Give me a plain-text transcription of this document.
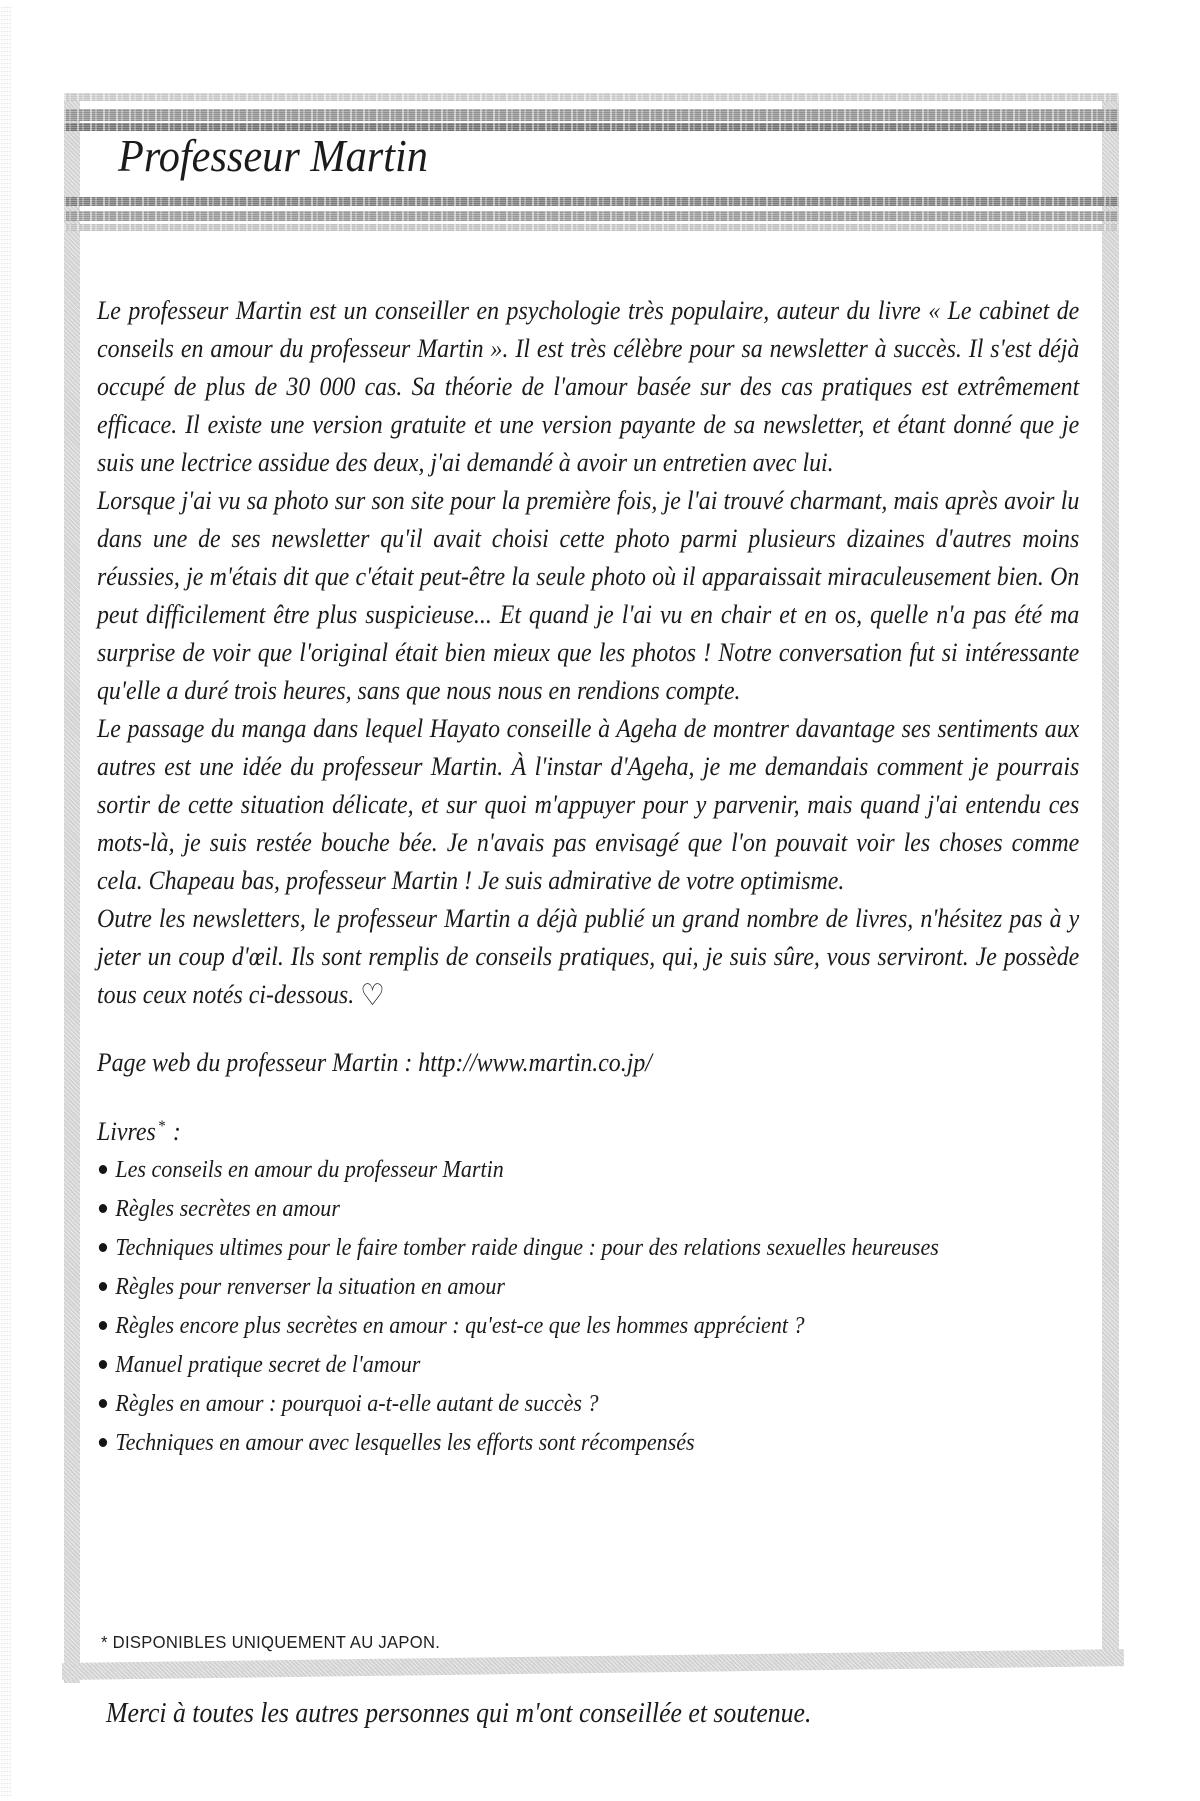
Professeur Martin

Le professeur Martin est un conseiller en psychologie très populaire, auteur du livre « Le cabinet de conseils en amour du professeur Martin ». Il est très célèbre pour sa newsletter à succès. Il s'est déjà occupé de plus de 30 000 cas. Sa théorie de l'amour basée sur des cas pratiques est extrêmement efficace. Il existe une version gratuite et une version payante de sa newsletter, et étant donné que je suis une lectrice assidue des deux, j'ai demandé à avoir un entretien avec lui.

Lorsque j'ai vu sa photo sur son site pour la première fois, je l'ai trouvé charmant, mais après avoir lu dans une de ses newsletter qu'il avait choisi cette photo parmi plusieurs dizaines d'autres moins réussies, je m'étais dit que c'était peut-être la seule photo où il apparaissait miraculeusement bien. On peut difficilement être plus suspicieuse... Et quand je l'ai vu en chair et en os, quelle n'a pas été ma surprise de voir que l'original était bien mieux que les photos ! Notre conversation fut si intéressante qu'elle a duré trois heures, sans que nous nous en rendions compte.

Le passage du manga dans lequel Hayato conseille à Ageha de montrer davantage ses sentiments aux autres est une idée du professeur Martin. À l'instar d'Ageha, je me demandais comment je pourrais sortir de cette situation délicate, et sur quoi m'appuyer pour y parvenir, mais quand j'ai entendu ces mots-là, je suis restée bouche bée. Je n'avais pas envisagé que l'on pouvait voir les choses comme cela. Chapeau bas, professeur Martin ! Je suis admirative de votre optimisme.

Outre les newsletters, le professeur Martin a déjà publié un grand nombre de livres, n'hésitez pas à y jeter un coup d'œil. Ils sont remplis de conseils pratiques, qui, je suis sûre, vous serviront. Je possède tous ceux notés ci-dessous. ♡

Page web du professeur Martin : http://www.martin.co.jp/

Livres * :
Les conseils en amour du professeur Martin
Règles secrètes en amour
Techniques ultimes pour le faire tomber raide dingue : pour des relations sexuelles heureuses
Règles pour renverser la situation en amour
Règles encore plus secrètes en amour : qu'est-ce que les hommes apprécient ?
Manuel pratique secret de l'amour
Règles en amour : pourquoi a-t-elle autant de succès ?
Techniques en amour avec lesquelles les efforts sont récompensés
* DISPONIBLES UNIQUEMENT AU JAPON.
Merci à toutes les autres personnes qui m'ont conseillée et soutenue.
